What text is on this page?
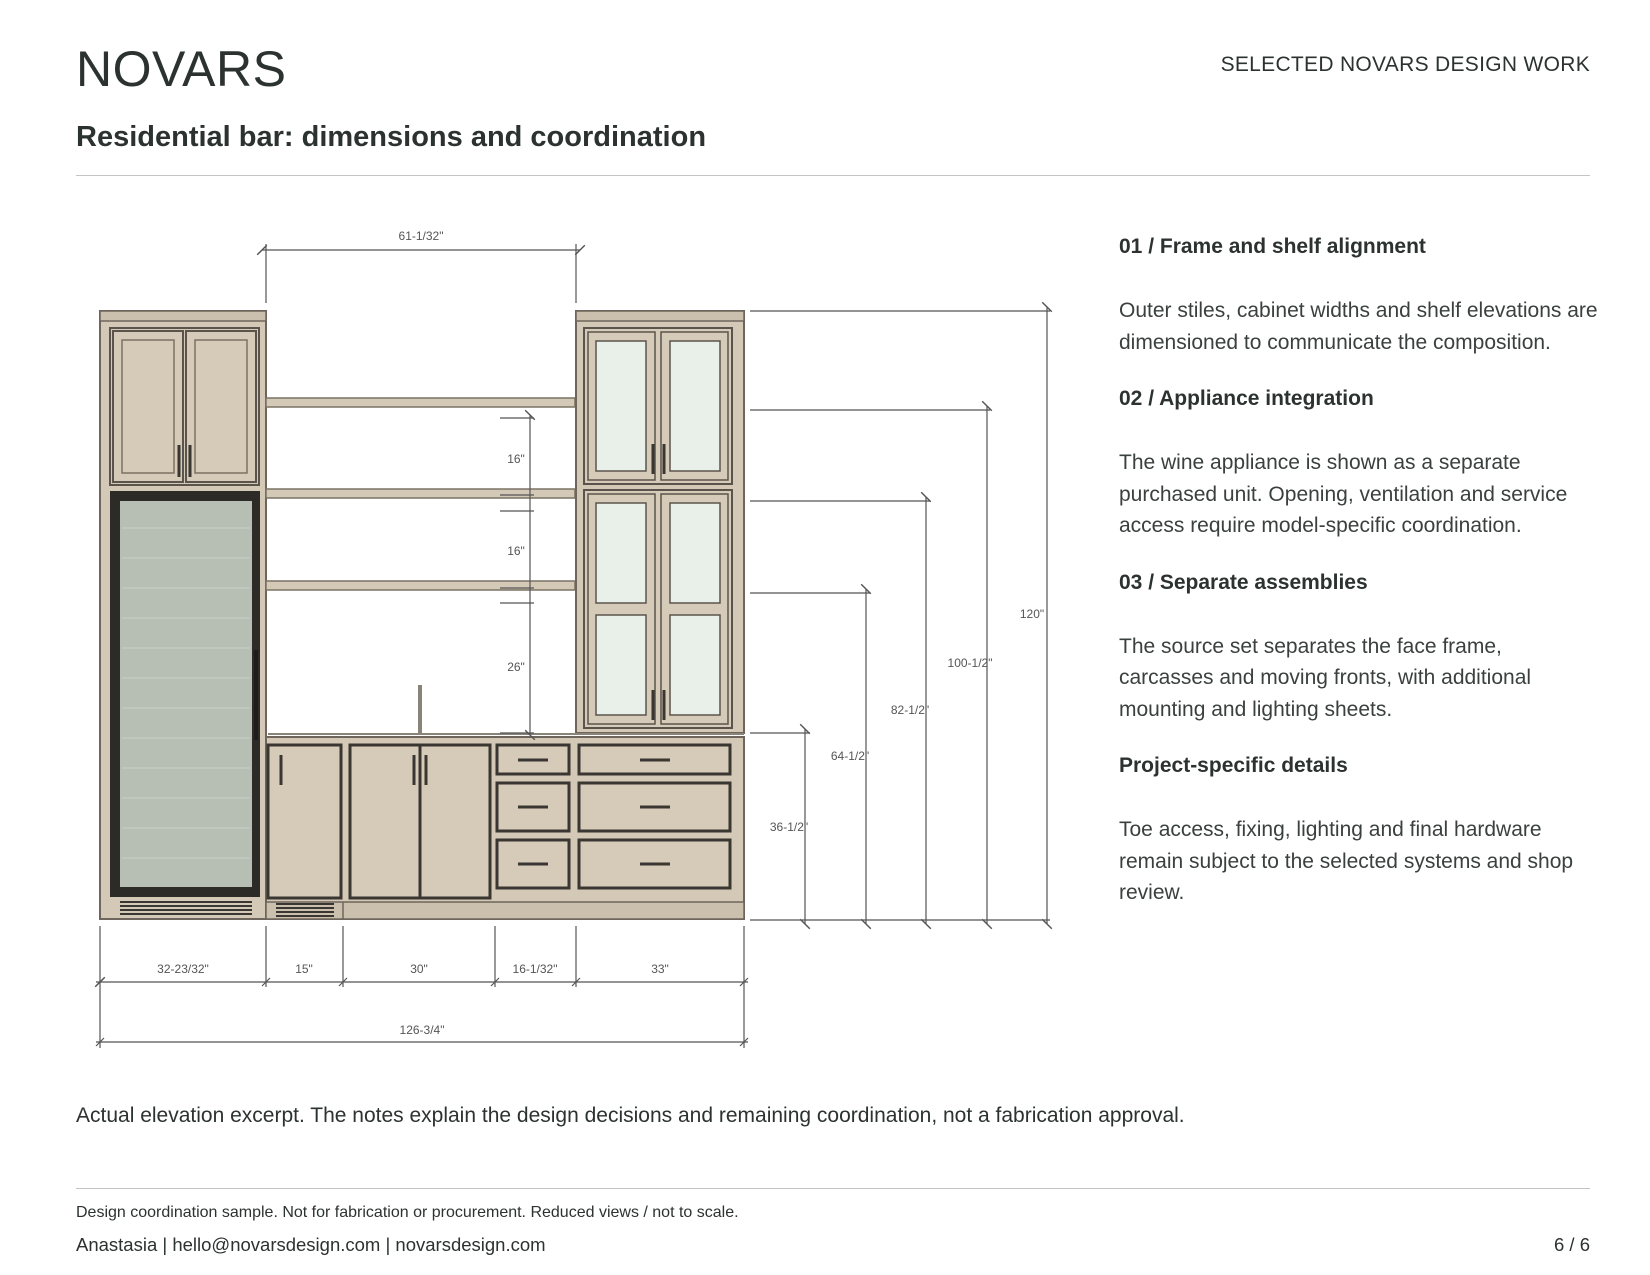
NOVARS	SELECTED NOVARS DESIGN WORK
Residential bar: dimensions and coordination
61-1/32"
16"
16"
26"
120"
100-1/2"
82-1/2"
64-1/2"
36-1/2"
32-23/32"	15"	30"	16-1/32"	33"
126-3/4"
01 / Frame and shelf alignment
Outer stiles, cabinet widths and shelf elevations are dimensioned to communicate the composition.
02 / Appliance integration
The wine appliance is shown as a separate purchased unit. Opening, ventilation and service access require model-specific coordination.
03 / Separate assemblies
The source set separates the face frame, carcasses and moving fronts, with additional mounting and lighting sheets.
Project-specific details
Toe access, fixing, lighting and final hardware remain subject to the selected systems and shop review.
Actual elevation excerpt. The notes explain the design decisions and remaining coordination, not a fabrication approval.
Design coordination sample. Not for fabrication or procurement. Reduced views / not to scale.
Anastasia | hello@novarsdesign.com | novarsdesign.com	6 / 6
